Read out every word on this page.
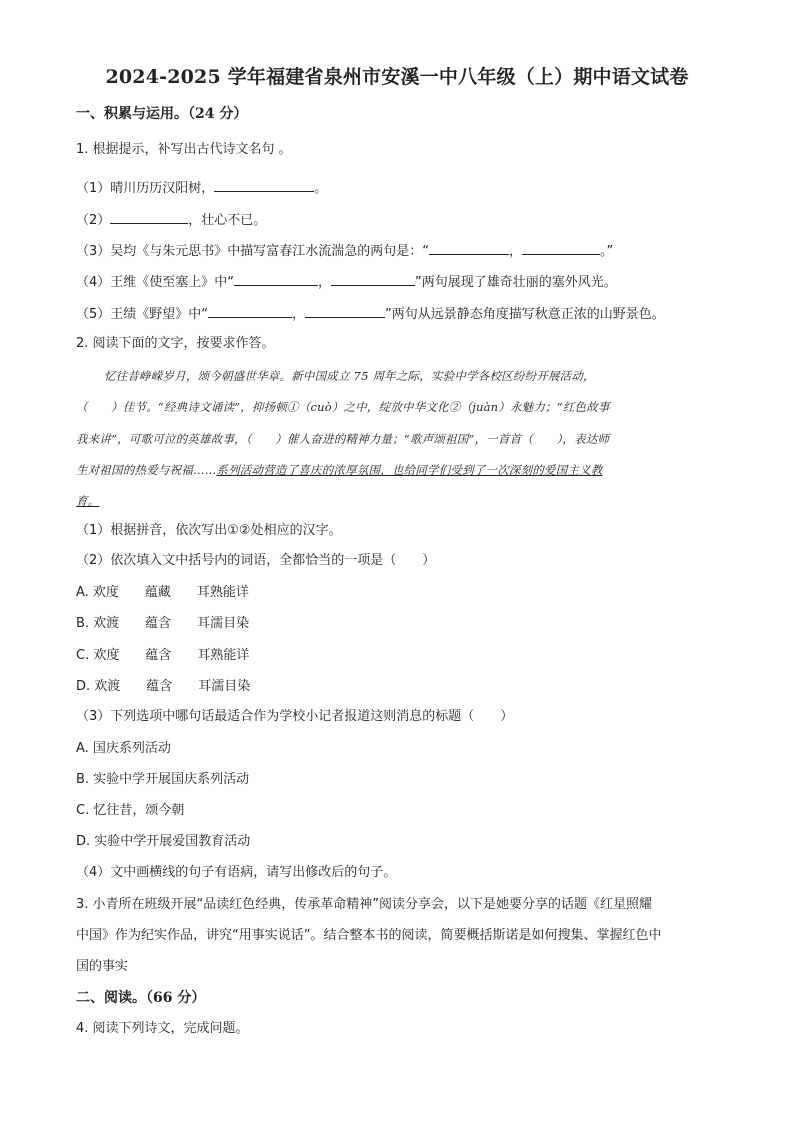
2024-2025 学年福建省泉州市安溪一中八年级（上）期中语文试卷
一、积累与运用。（24 分）
1. 根据提示，补写出古代诗文名句 。
（1）晴川历历汉阳树，	。
（2）	，壮心不已。
（3）吴均《与朱元思书》中描写富春江水流湍急的两句是：“	，	。”
（4）王维《使至塞上》中“	，	”两句展现了雄奇壮丽的塞外风光。
（5）王绩《野望》中“	，	”两句从远景静态角度描写秋意正浓的山野景色。
2. 阅读下面的文字，按要求作答。
忆往昔峥嵘岁月，颂今朝盛世华章。新中国成立 75 周年之际，实验中学各校区纷纷开展活动，
（　　）佳节。“经典诗文诵读”，抑扬顿①（cuò）之中，绽放中华文化②（juàn）永魅力；“红色故事
我来讲”，可歌可泣的英雄故事，（　　）催人奋进的精神力量；“歌声颂祖国”，一首首（　　），表达师
生对祖国的热爱与祝福……系列活动营造了喜庆的浓厚氛围，也给同学们受到了一次深刻的爱国主义教
育。
（1）根据拼音，依次写出①②处相应的汉字。
（2）依次填入文中括号内的词语，全都恰当的一项是（　　）
A. 欢度　　蕴藏　　耳熟能详
B. 欢渡　　蕴含　　耳濡目染
C. 欢度　　蕴含　　耳熟能详
D. 欢渡　　蕴含　　耳濡目染
（3）下列选项中哪句话最适合作为学校小记者报道这则消息的标题（　　）
A. 国庆系列活动
B. 实验中学开展国庆系列活动
C. 忆往昔，颂今朝
D. 实验中学开展爱国教育活动
（4）文中画横线的句子有语病，请写出修改后的句子。
3. 小青所在班级开展“品读红色经典，传承革命精神”阅读分享会，以下是她要分享的话题《红星照耀
中国》作为纪实作品，讲究“用事实说话”。结合整本书的阅读，简要概括斯诺是如何搜集、掌握红色中
国的事实
二、阅读。（66 分）
4. 阅读下列诗文，完成问题。
